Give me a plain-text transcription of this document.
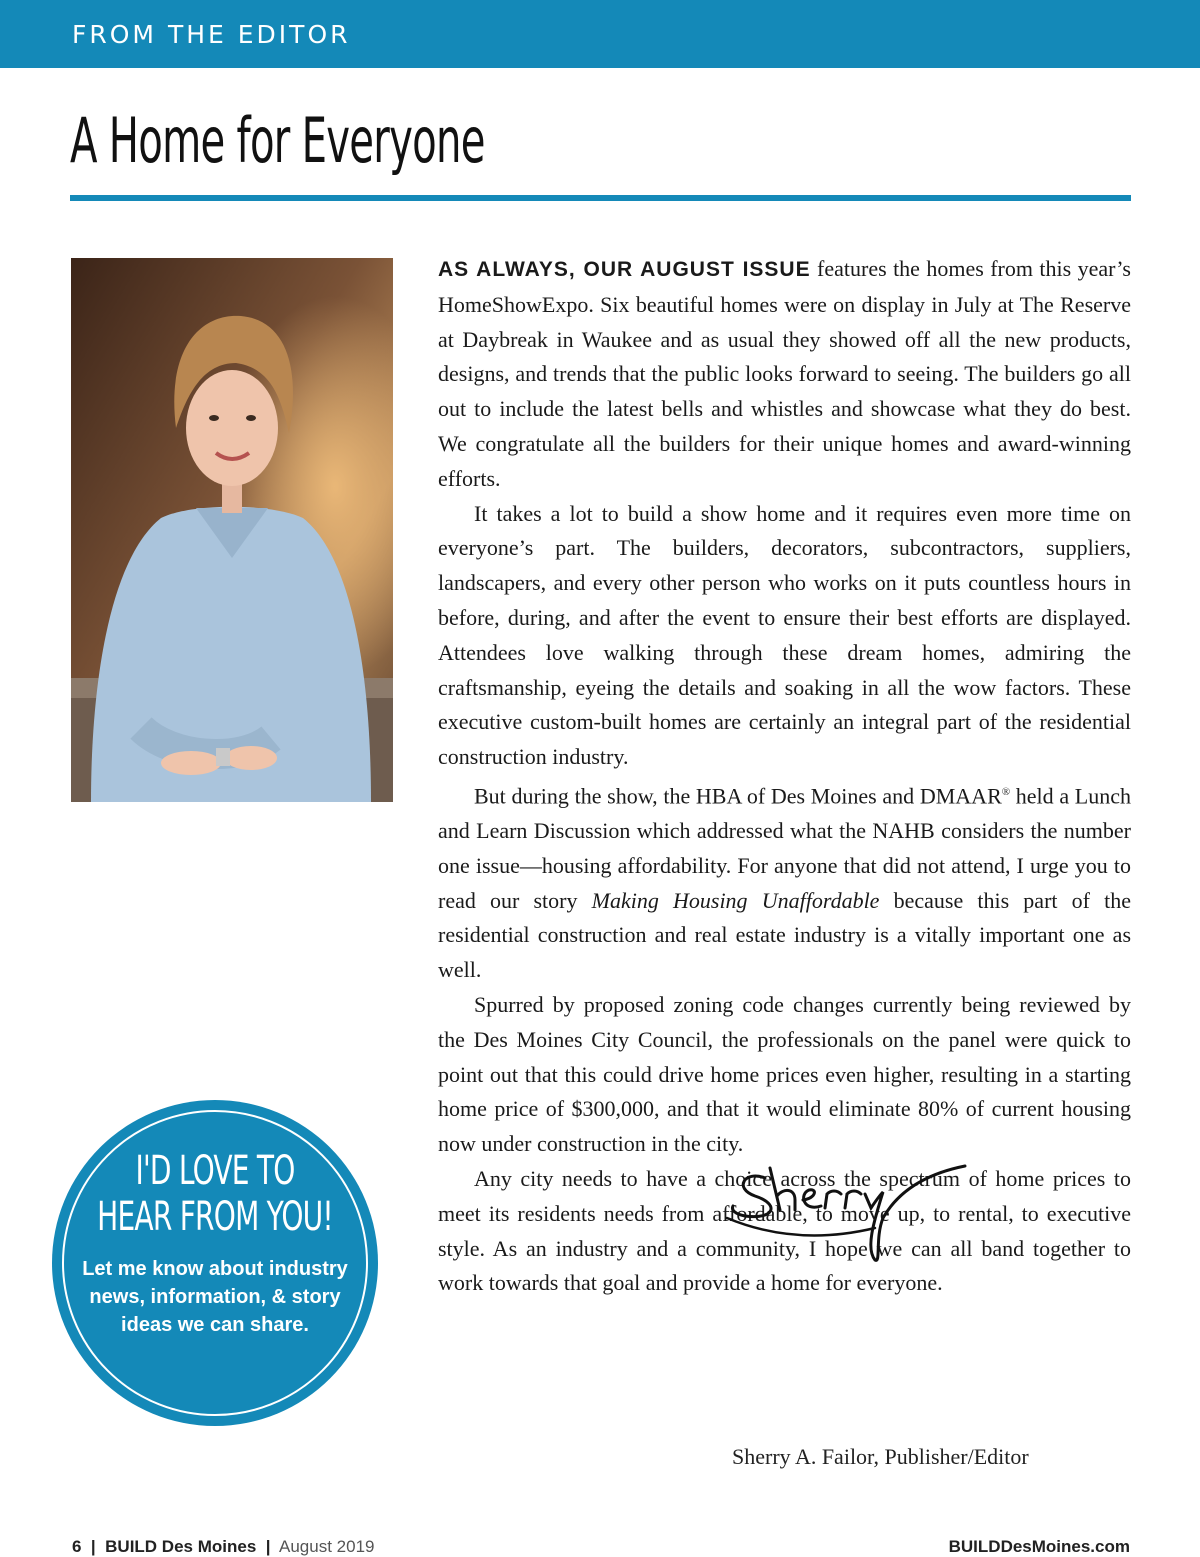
FROM THE EDITOR
A Home for Everyone

AS ALWAYS, OUR AUGUST ISSUE features the homes from this year’s HomeShowExpo. Six beautiful homes were on display in July at The Reserve at Daybreak in Waukee and as usual they showed off all the new products, designs, and trends that the public looks forward to seeing. The builders go all out to include the latest bells and whistles and showcase what they do best. We congratulate all the builders for their unique homes and award-winning efforts.

It takes a lot to build a show home and it requires even more time on everyone’s part. The builders, decorators, subcontractors, suppliers, landscapers, and every other person who works on it puts countless hours in before, during, and after the event to ensure their best efforts are displayed. Attendees love walking through these dream homes, admiring the craftsmanship, eyeing the details and soaking in all the wow factors. These executive custom-built homes are certainly an integral part of the residential construction industry.

But during the show, the HBA of Des Moines and DMAAR® held a Lunch and Learn Discussion which addressed what the NAHB considers the number one issue—housing affordability. For anyone that did not attend, I urge you to read our story Making Housing Unaffordable because this part of the residential construction and real estate industry is a vitally important one as well.

Spurred by proposed zoning code changes currently being reviewed by the Des Moines City Council, the professionals on the panel were quick to point out that this could drive home prices even higher, resulting in a starting home price of $300,000, and that it would eliminate 80% of current housing now under construction in the city.

Any city needs to have a choice across the spectrum of home prices to meet its residents needs from affordable, to move up, to rental, to executive style. As an industry and a community, I hope we can all band together to work towards that goal and provide a home for everyone.

I'D LOVE TO
HEAR FROM YOU!
Let me know about industry news, information, & story ideas we can share.
Sherry A. Failor, Publisher/Editor
6 | BUILD Des Moines | August 2019	BUILDDesMoines.com
